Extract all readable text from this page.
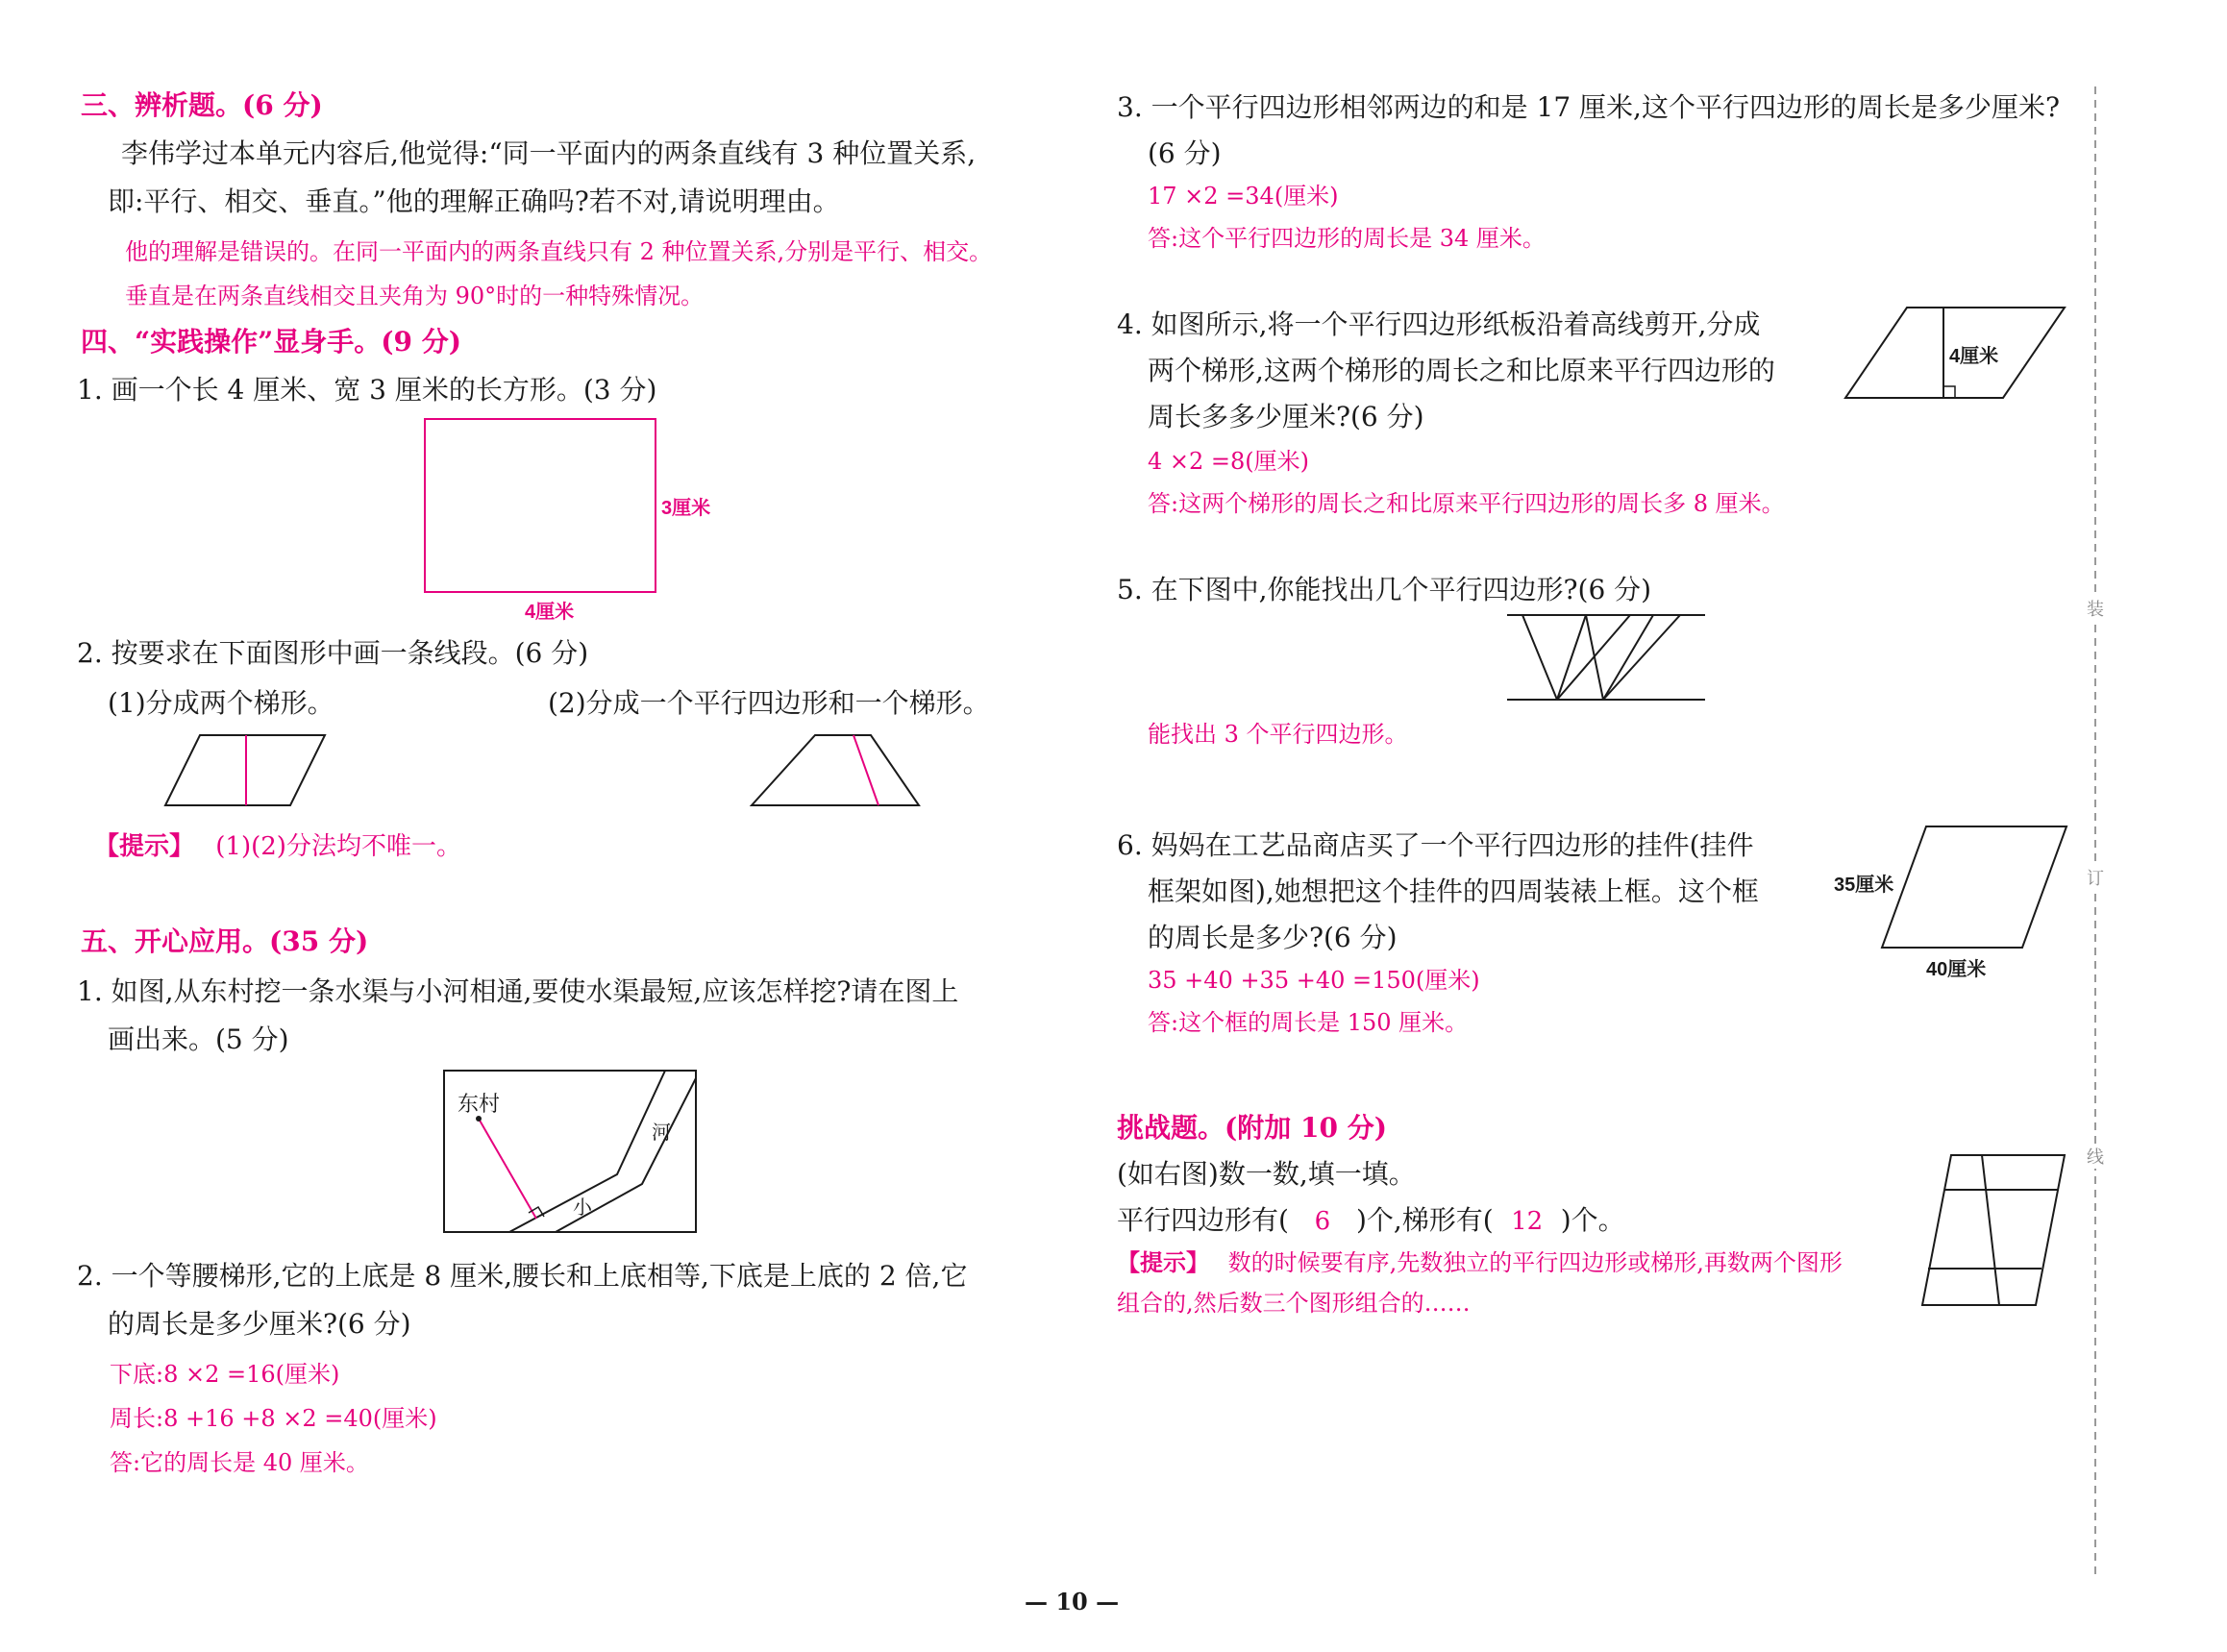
三、辨析题。(6 分)
李伟学过本单元内容后,他觉得:“同一平面内的两条直线有 3 种位置关系,
即:平行、相交、垂直。”他的理解正确吗?若不对,请说明理由。
他的理解是错误的。在同一平面内的两条直线只有 2 种位置关系,分别是平行、相交。
垂直是在两条直线相交且夹角为 90°时的一种特殊情况。
四、“实践操作”显身手。(9 分)
1. 画一个长 4 厘米、宽 3 厘米的长方形。(3 分)
3厘米
4厘米
2. 按要求在下面图形中画一条线段。(6 分)
(1)分成两个梯形。	(2)分成一个平行四边形和一个梯形。
【提示】 (1)(2)分法均不唯一。
五、开心应用。(35 分)
1. 如图,从东村挖一条水渠与小河相通,要使水渠最短,应该怎样挖?请在图上
画出来。(5 分)
东村
河
小
2. 一个等腰梯形,它的上底是 8 厘米,腰长和上底相等,下底是上底的 2 倍,它
的周长是多少厘米?(6 分)
下底:8 ×2 =16(厘米)
周长:8 +16 +8 ×2 =40(厘米)
答:它的周长是 40 厘米。
3. 一个平行四边形相邻两边的和是 17 厘米,这个平行四边形的周长是多少厘米?
(6 分)
17 ×2 =34(厘米)
答:这个平行四边形的周长是 34 厘米。
4. 如图所示,将一个平行四边形纸板沿着高线剪开,分成
两个梯形,这两个梯形的周长之和比原来平行四边形的
周长多多少厘米?(6 分)
4 ×2 =8(厘米)
答:这两个梯形的周长之和比原来平行四边形的周长多 8 厘米。
4厘米
5. 在下图中,你能找出几个平行四边形?(6 分)
能找出 3 个平行四边形。
6. 妈妈在工艺品商店买了一个平行四边形的挂件(挂件
框架如图),她想把这个挂件的四周装裱上框。这个框
的周长是多少?(6 分)
35 +40 +35 +40 =150(厘米)
答:这个框的周长是 150 厘米。
35厘米
40厘米
挑战题。(附加 10 分)
(如右图)数一数,填一填。
平行四边形有( 6 )个,梯形有( 12 )个。
【提示】 数的时候要有序,先数独立的平行四边形或梯形,再数两个图形
组合的,然后数三个图形组合的……
装
订
线
— 10 —
